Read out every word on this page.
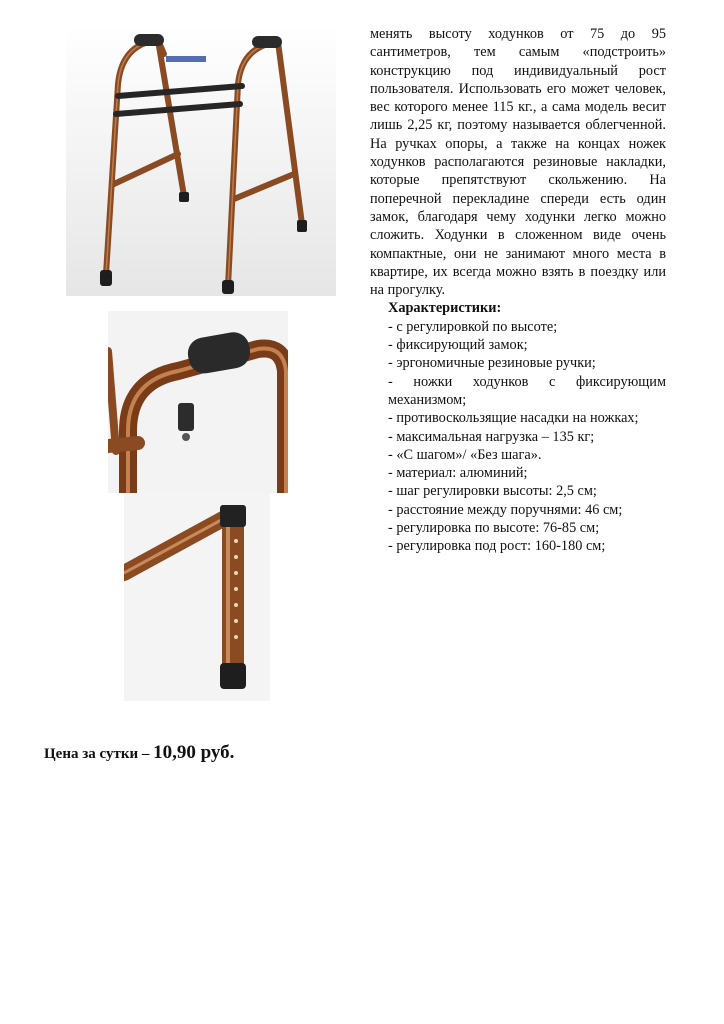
менять высоту ходунков от 75 до 95 сантиметров, тем самым «подстроить» конструкцию под индивидуальный рост пользователя. Использовать его может человек, вес которого менее 115 кг., а сама модель весит лишь 2,25 кг, поэтому называется облегченной. На ручках опоры, а также на концах ножек ходунков располагаются резиновые накладки, которые препятствуют скольжению. На поперечной перекладине спереди есть один замок, благодаря чему ходунки легко можно сложить. Ходунки в сложенном виде очень компактные, они не занимают много места в квартире, их всегда можно взять в поездку или на прогулку.

Характеристики:

- с регулировкой по высоте;
- фиксирующий замок;
- эргономичные резиновые ручки;
- ножки ходунков с фиксирующим механизмом;
- противоскользящие насадки на ножках;
- максимальная нагрузка – 135 кг;
- «С шагом»/ «Без шага».
- материал: алюминий;
- шаг регулировки высоты: 2,5 см;
- расстояние между поручнями: 46 см;
- регулировка по высоте: 76-85 см;
- регулировка под рост: 160-180 см;
Цена за сутки – 10,90 руб.
